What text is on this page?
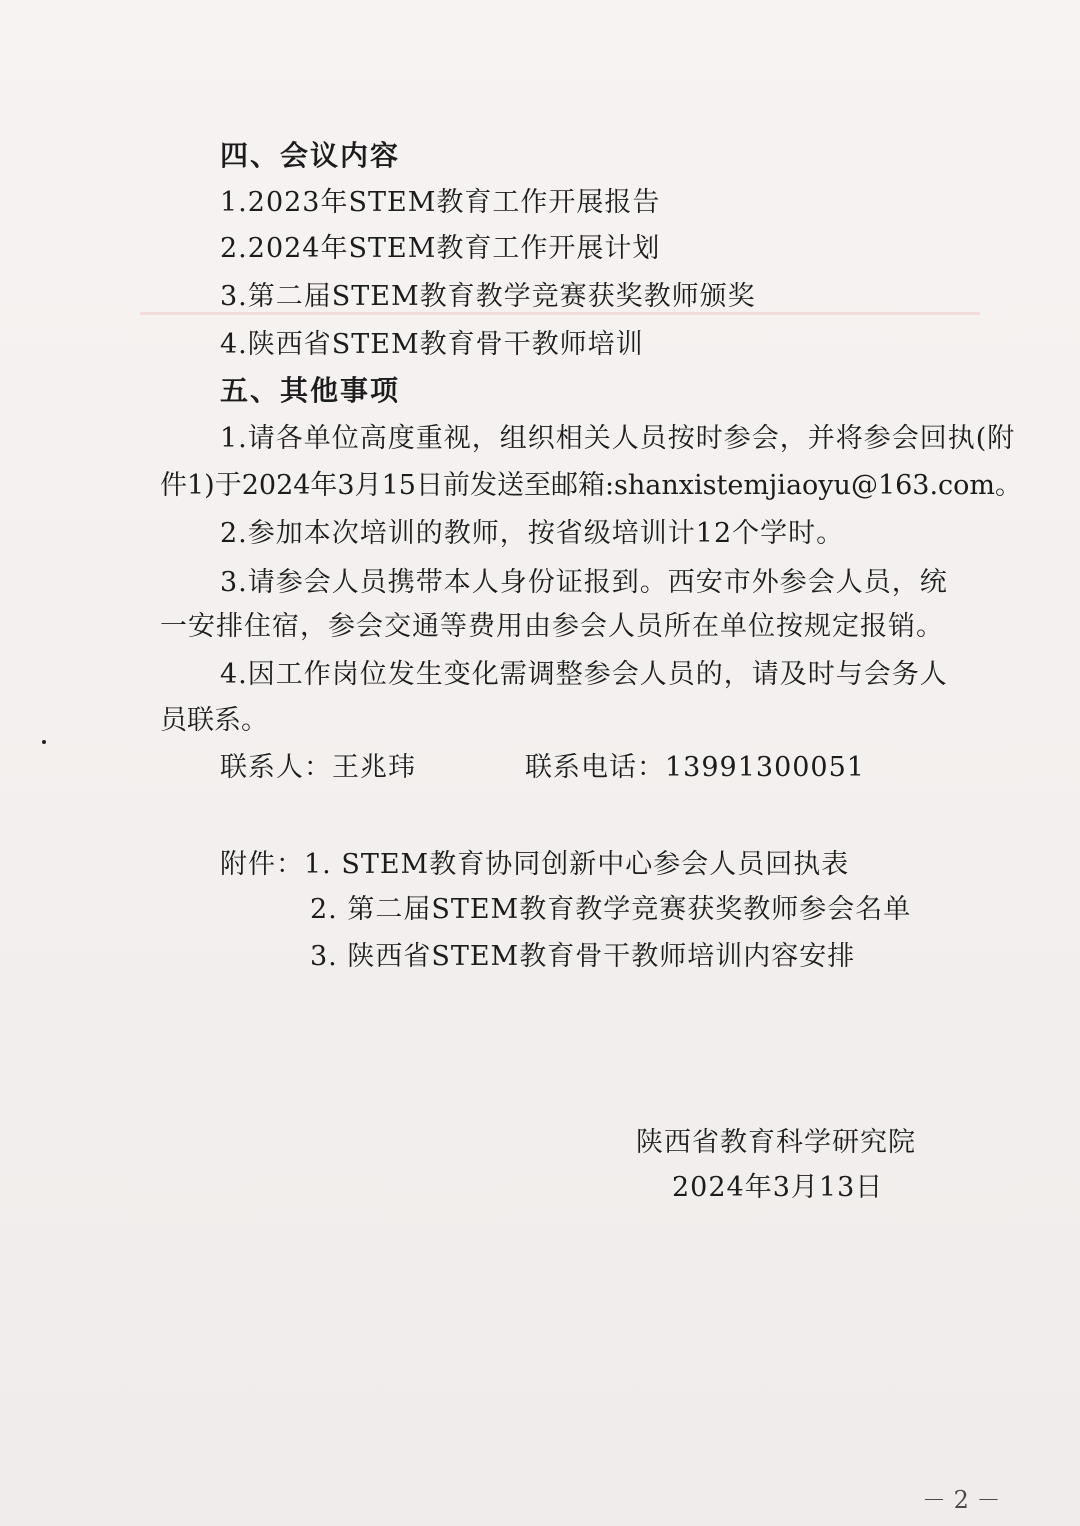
四、会议内容
1.2023年STEM教育工作开展报告
2.2024年STEM教育工作开展计划
3.第二届STEM教育教学竞赛获奖教师颁奖
4.陕西省STEM教育骨干教师培训
五、其他事项
1.请各单位高度重视，组织相关人员按时参会，并将参会回执(附
件1)于2024年3月15日前发送至邮箱:shanxistemjiaoyu@163.com。
2.参加本次培训的教师，按省级培训计12个学时。
3.请参会人员携带本人身份证报到。西安市外参会人员，统
一安排住宿，参会交通等费用由参会人员所在单位按规定报销。
4.因工作岗位发生变化需调整参会人员的，请及时与会务人
员联系。
联系人：王兆玮	联系电话：13991300051
附件：1. STEM教育协同创新中心参会人员回执表
2. 第二届STEM教育教学竞赛获奖教师参会名单
3. 陕西省STEM教育骨干教师培训内容安排
陕西省教育科学研究院
2024年3月13日
－ 2 －
